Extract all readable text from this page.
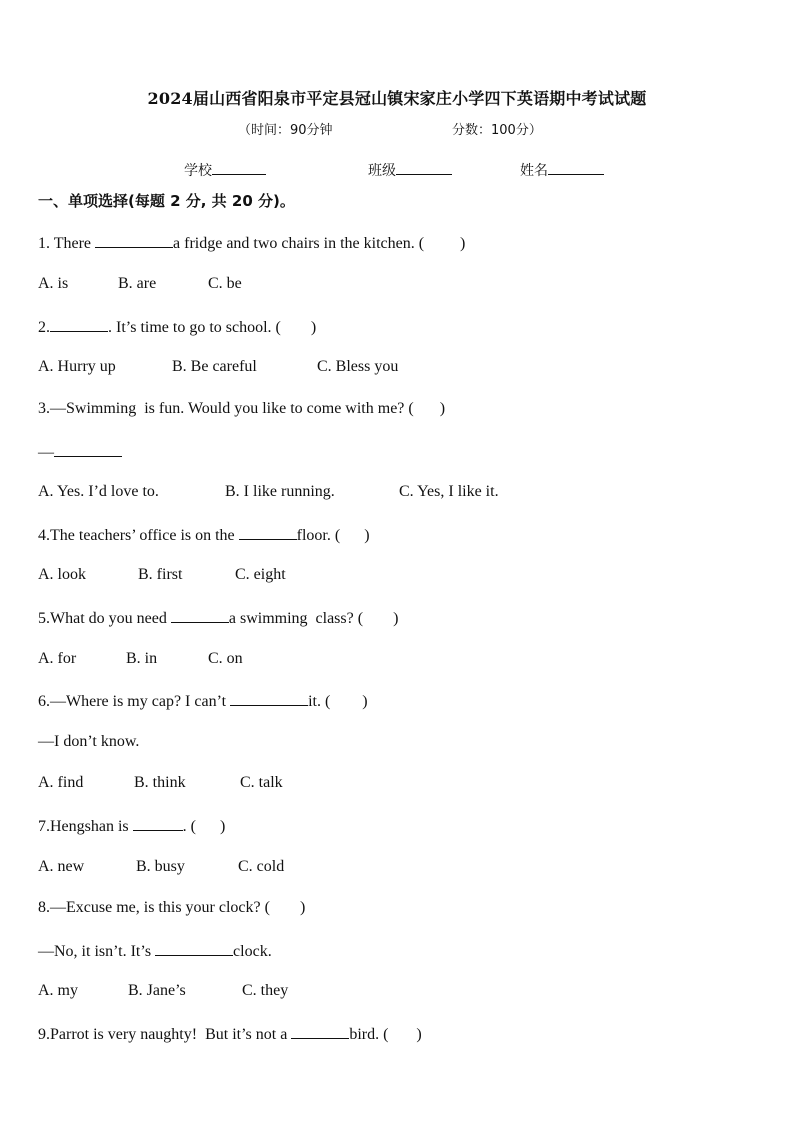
2024届山西省阳泉市平定县冠山镇宋家庄小学四下英语期中考试试题
（时间：90分钟	分数：100分）
学校	班级	姓名
一、单项选择(每题 2 分, 共 20 分)。
1. There	a fridge and two chairs in the kitchen. ( )
A. is	B. are	C. be
2.	. It’s time to go to school. ( )
A. Hurry up	B. Be careful	C. Bless you
3.—Swimming  is fun. Would you like to come with me? ( )
—
A. Yes. I’d love to.	B. I like running.	C. Yes, I like it.
4.The teachers’ office is on the	floor. ( )
A. look	B. first	C. eight
5.What do you need	a swimming  class? ( )
A. for	B. in	C. on
6.—Where is my cap? I can’t	it. ( )
—I don’t know.
A. find	B. think	C. talk
7.Hengshan is	. ( )
A. new	B. busy	C. cold
8.—Excuse me, is this your clock? ( )
—No, it isn’t. It’s	clock.
A. my	B. Jane’s	C. they
9.Parrot is very naughty!  But it’s not a	bird. ( )
